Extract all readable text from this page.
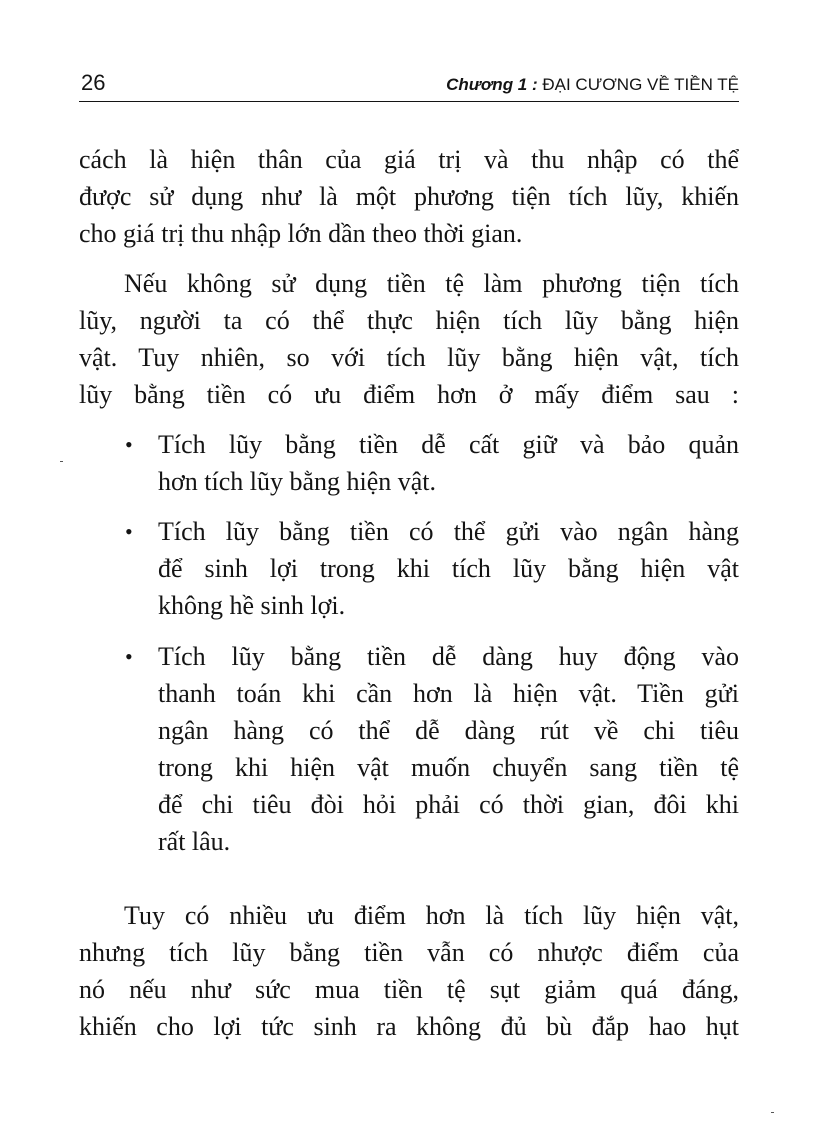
26	Chương 1 : ĐẠI CƯƠNG VỀ TIỀN TỆ
cách là hiện thân của giá trị và thu nhập có thể
được sử dụng như là một phương tiện tích lũy, khiến
cho giá trị thu nhập lớn dần theo thời gian.
Nếu không sử dụng tiền tệ làm phương tiện tích
lũy, người ta có thể thực hiện tích lũy bằng hiện
vật. Tuy nhiên, so với tích lũy bằng hiện vật, tích
lũy bằng tiền có ưu điểm hơn ở mấy điểm sau :
• Tích lũy bằng tiền dễ cất giữ và bảo quản
hơn tích lũy bằng hiện vật.
• Tích lũy bằng tiền có thể gửi vào ngân hàng
để sinh lợi trong khi tích lũy bằng hiện vật
không hề sinh lợi.
• Tích lũy bằng tiền dễ dàng huy động vào
thanh toán khi cần hơn là hiện vật. Tiền gửi
ngân hàng có thể dễ dàng rút về chi tiêu
trong khi hiện vật muốn chuyển sang tiền tệ
để chi tiêu đòi hỏi phải có thời gian, đôi khi
rất lâu.
Tuy có nhiều ưu điểm hơn là tích lũy hiện vật,
nhưng tích lũy bằng tiền vẫn có nhược điểm của
nó nếu như sức mua tiền tệ sụt giảm quá đáng,
khiến cho lợi tức sinh ra không đủ bù đắp hao hụt
